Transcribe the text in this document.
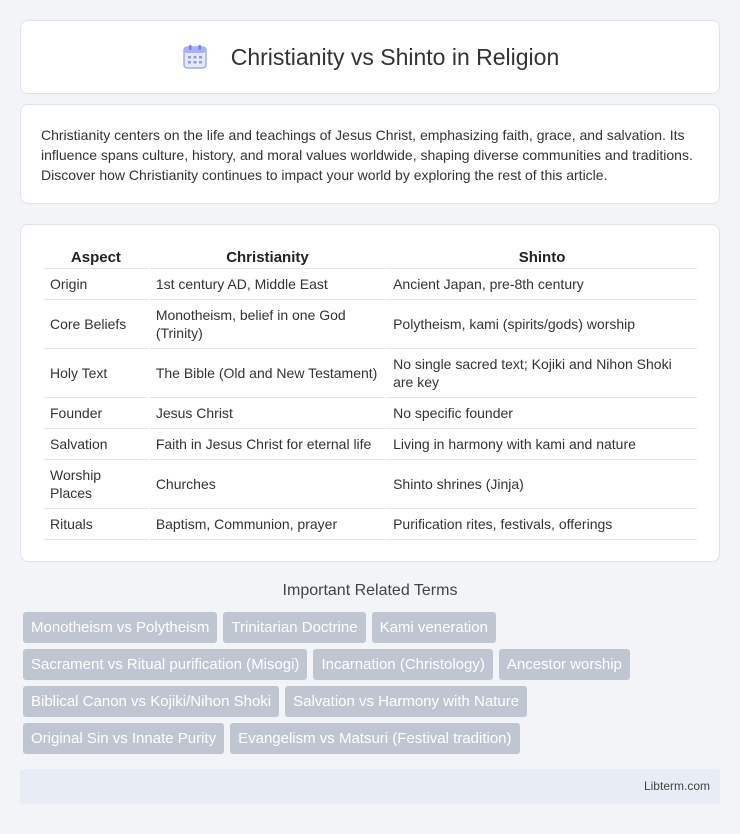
Christianity vs Shinto in Religion

Christianity centers on the life and teachings of Jesus Christ, emphasizing faith, grace, and salvation. Its influence spans culture, history, and moral values worldwide, shaping diverse communities and traditions. Discover how Christianity continues to impact your world by exploring the rest of this article.

Aspect	Christianity	Shinto
Origin	1st century AD, Middle East	Ancient Japan, pre-8th century
Core Beliefs	Monotheism, belief in one God (Trinity)	Polytheism, kami (spirits/gods) worship
Holy Text	The Bible (Old and New Testament)	No single sacred text; Kojiki and Nihon Shoki are key
Founder	Jesus Christ	No specific founder
Salvation	Faith in Jesus Christ for eternal life	Living in harmony with kami and nature
Worship Places	Churches	Shinto shrines (Jinja)
Rituals	Baptism, Communion, prayer	Purification rites, festivals, offerings
Important Related Terms
Monotheism vs Polytheism	Trinitarian Doctrine	Kami veneration
Sacrament vs Ritual purification (Misogi)	Incarnation (Christology)	Ancestor worship
Biblical Canon vs Kojiki/Nihon Shoki	Salvation vs Harmony with Nature
Original Sin vs Innate Purity	Evangelism vs Matsuri (Festival tradition)
Libterm.com
